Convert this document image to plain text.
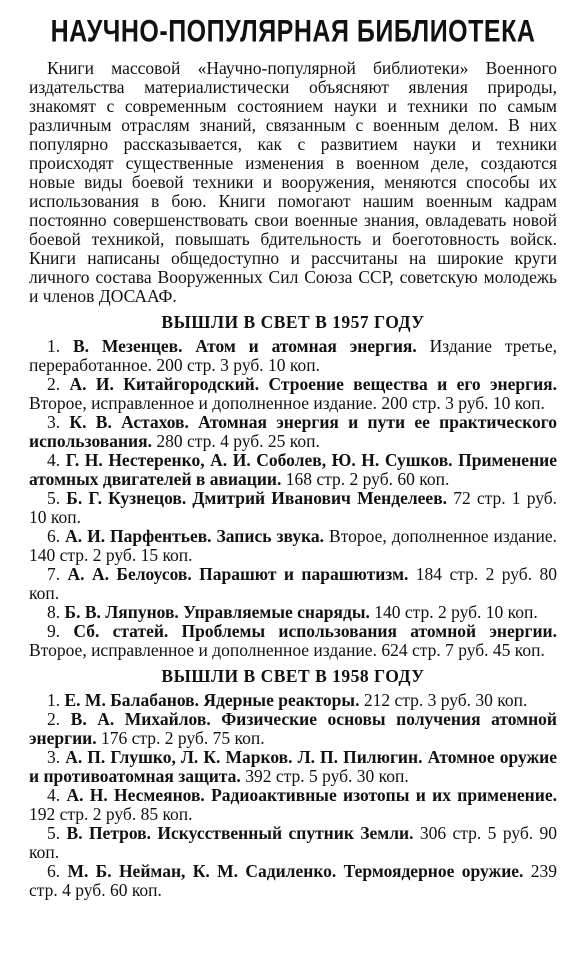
НАУЧНО-ПОПУЛЯРНАЯ БИБЛИОТЕКА

Книги массовой «Научно-популярной библиотеки» Военного издательства материалистически объясняют явления природы, знакомят с современным состоянием науки и техники по самым различным отраслям знаний, связанным с военным делом. В них популярно рассказывается, как с развитием науки и техники происходят существенные изменения в военном деле, создаются новые виды боевой техники и вооружения, меняются способы их использования в бою. Книги помогают нашим военным кадрам постоянно совершенствовать свои военные знания, овладевать новой боевой техникой, повышать бдительность и боеготовность войск. Книги написаны общедоступно и рассчитаны на широкие круги личного состава Вооруженных Сил Союза ССР, советскую молодежь и членов ДОСААФ.

ВЫШЛИ В СВЕТ В 1957 ГОДУ

1. В. Мезенцев. Атом и атомная энергия. Издание третье, переработанное. 200 стр. 3 руб. 10 коп.

2. А. И. Китайгородский. Строение вещества и его энергия. Второе, исправленное и дополненное издание. 200 стр. 3 руб. 10 коп.

3. К. В. Астахов. Атомная энергия и пути ее практического использования. 280 стр. 4 руб. 25 коп.

4. Г. Н. Нестеренко, А. И. Соболев, Ю. Н. Сушков. Применение атомных двигателей в авиации. 168 стр. 2 руб. 60 коп.

5. Б. Г. Кузнецов. Дмитрий Иванович Менделеев. 72 стр. 1 руб. 10 коп.

6. А. И. Парфентьев. Запись звука. Второе, дополненное издание. 140 стр. 2 руб. 15 коп.

7. А. А. Белоусов. Парашют и парашютизм. 184 стр. 2 руб. 80 коп.

8. Б. В. Ляпунов. Управляемые снаряды. 140 стр. 2 руб. 10 коп.

9. Сб. статей. Проблемы использования атомной энергии. Второе, исправленное и дополненное издание. 624 стр. 7 руб. 45 коп.

ВЫШЛИ В СВЕТ В 1958 ГОДУ

1. Е. М. Балабанов. Ядерные реакторы. 212 стр. 3 руб. 30 коп.

2. В. А. Михайлов. Физические основы получения атомной энергии. 176 стр. 2 руб. 75 коп.

3. А. П. Глушко, Л. К. Марков. Л. П. Пилюгин. Атомное оружие и противоатомная защита. 392 стр. 5 руб. 30 коп.

4. А. Н. Несмеянов. Радиоактивные изотопы и их применение. 192 стр. 2 руб. 85 коп.

5. В. Петров. Искусственный спутник Земли. 306 стр. 5 руб. 90 коп.

6. М. Б. Нейман, К. М. Садиленко. Термоядерное оружие. 239 стр. 4 руб. 60 коп.
